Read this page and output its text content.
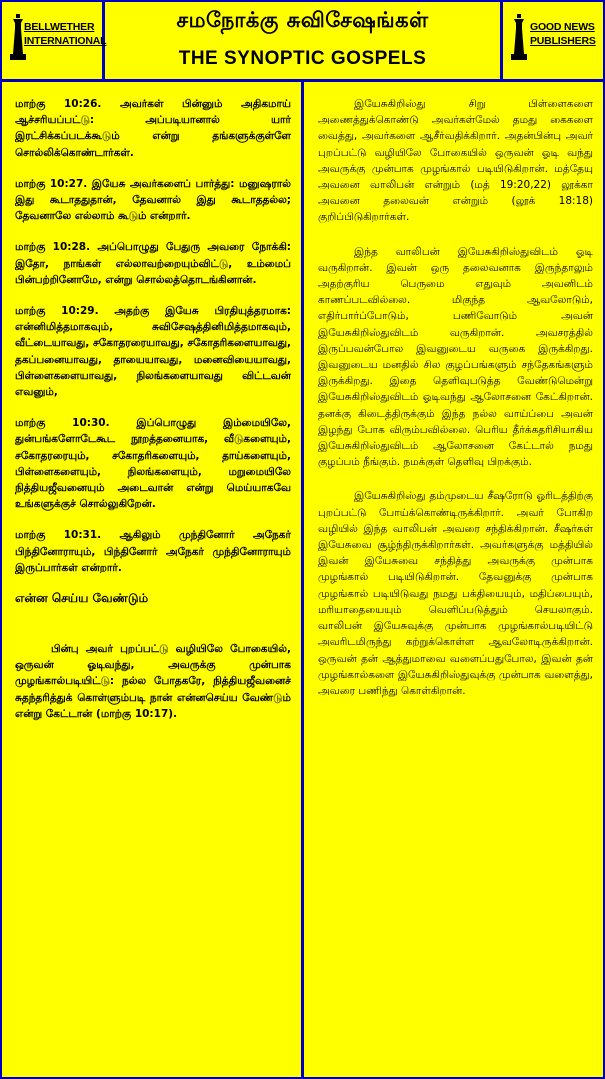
BELLWETHER
INTERNATIONAL
சமநோக்கு சுவிசேஷங்கள்
THE SYNOPTIC GOSPELS
GOOD NEWS
PUBLISHERS

மாற்கு 10:26. அவர்கள் பின்னும் அதிகமாய் ஆச்சரியப்பட்டு: அப்படியானால் யார் இரட்சிக்கப்படக்கூடும் என்று தங்களுக்குள்ளே சொல்லிக்கொண்டார்கள்.

மாற்கு 10:27. இயேசு அவர்களைப் பார்த்து: மனுஷரால் இது கூடாததுதான், தேவனால் இது கூடாததல்ல; தேவனாலே எல்லாம் கூடும் என்றார்.

மாற்கு 10:28. அப்பொழுது பேதுரு அவரை நோக்கி: இதோ, நாங்கள் எல்லாவற்றையும்விட்டு, உம்மைப் பின்பற்றினோமே, என்று சொல்லத்தொடங்கினான்.

மாற்கு 10:29. அதற்கு இயேசு பிரதியுத்தரமாக: என்னிமித்தமாகவும், சுவிசேஷத்தினிமித்தமாகவும், வீட்டையாவது, சகோதரரையாவது, சகோதரிகளையாவது, தகப்பனையாவது, தாயையாவது, மனைவியையாவது, பிள்ளைகளையாவது, நிலங்களையாவது விட்டவன் எவனும்,

மாற்கு 10:30. இப்பொழுது இம்மையிலே, துன்பங்களோடேகூட நூறத்தனையாக, வீடுகளையும், சகோதரரையும், சகோதரிகளையும், தாய்களையும், பிள்ளைகளையும், நிலங்களையும், மறுமையிலே நித்தியஜீவனையும் அடைவான் என்று மெய்யாகவே உங்களுக்குச் சொல்லுகிறேன்.

மாற்கு 10:31. ஆகிலும் முந்தினோர் அநேகர் பிந்தினோராயும், பிந்தினோர் அநேகர் முந்தினோராயும் இருப்பார்கள் என்றார்.

என்ன செய்ய வேண்டும்

பின்பு அவர் புறப்பட்டு வழியிலே போகையில், ஒருவன் ஓடிவந்து, அவருக்கு முன்பாக முழங்கால்படியிட்டு: நல்ல போதகரே, நித்தியஜீவனைச் சுதந்தரித்துக் கொள்ளும்படி நான் என்னசெய்ய வேண்டும் என்று கேட்டான் (மாற்கு 10:17).

இயேசுகிறிஸ்து சிறு பிள்ளைகளை அணைத்துக்கொண்டு அவர்கள்மேல் தமது கைகளை வைத்து, அவர்களை ஆசீர்வதிக்கிறார். அதன்பின்பு அவர் புறப்பட்டு வழியிலே போகையில் ஒருவன் ஓடி வந்து அவருக்கு முன்பாக முழங்கால் படியிடுகிறான். மத்தேயு அவனை வாலிபன் என்றும் (மத் 19:20,22) லூக்கா அவனை தலைவன் என்றும் (லூக் 18:18) குறிப்பிடுகிறார்கள்.

இந்த வாலிபன் இயேசுகிறிஸ்துவிடம் ஓடி வருகிறான். இவன் ஒரு தலைவனாக இருந்தாலும் அதற்குரிய பெருமை எதுவும் அவனிடம் காணப்படவில்லை. மிகுந்த ஆவலோடும், எதிர்பார்ப்போடும், பணிவோடும் அவன் இயேசுகிறிஸ்துவிடம் வருகிறான். அவசரத்தில் இருப்பவன்போல இவனுடைய வருகை இருக்கிறது. இவனுடைய மனதில் சில குழப்பங்களும் சந்தேகங்களும் இருக்கிறது. இதை தெளிவுபடுத்த வேண்டுமென்று இயேசுகிறிஸ்துவிடம் ஓடிவந்து ஆலோசனை கேட்கிறான். தனக்கு கிடைத்திருக்கும் இந்த நல்ல வாய்ப்பை அவன் இழந்து போக விரும்பவில்லை. பெரிய தீர்க்கதரிசியாகிய இயேசுகிறிஸ்துவிடம் ஆலோசனை கேட்டால் நமது குழப்பம் நீங்கும். நமக்குள் தெளிவு பிறக்கும்.

இயேசுகிறிஸ்து தம்முடைய சீஷரோடு ஓரிடத்திற்கு புறப்பட்டு போய்க்கொண்டிருக்கிறார். அவர் போகிற வழியில் இந்த வாலிபன் அவரை சந்திக்கிறான். சீஷர்கள் இயேசுவை சூழ்ந்திருக்கிறார்கள். அவர்களுக்கு மத்தியில் இவன் இயேசுவை சந்தித்து அவருக்கு முன்பாக முழங்கால் படியிடுகிறான். தேவனுக்கு முன்பாக முழங்கால் படியிடுவது நமது பக்தியையும், மதிப்பையும், மரியாதையையும் வெளிப்படுத்தும் செயலாகும். வாலிபன் இயேசுவுக்கு முன்பாக முழங்கால்படியிட்டு அவரிடமிருந்து கற்றுக்கொள்ள ஆவலோடிருக்கிறான். ஒருவன் தன் ஆத்துமாவை வளைப்பதுபோல, இவன் தன் முழங்கால்களை இயேசுகிறிஸ்துவுக்கு முன்பாக வளைத்து, அவரை பணிந்து கொள்கிறான்.
